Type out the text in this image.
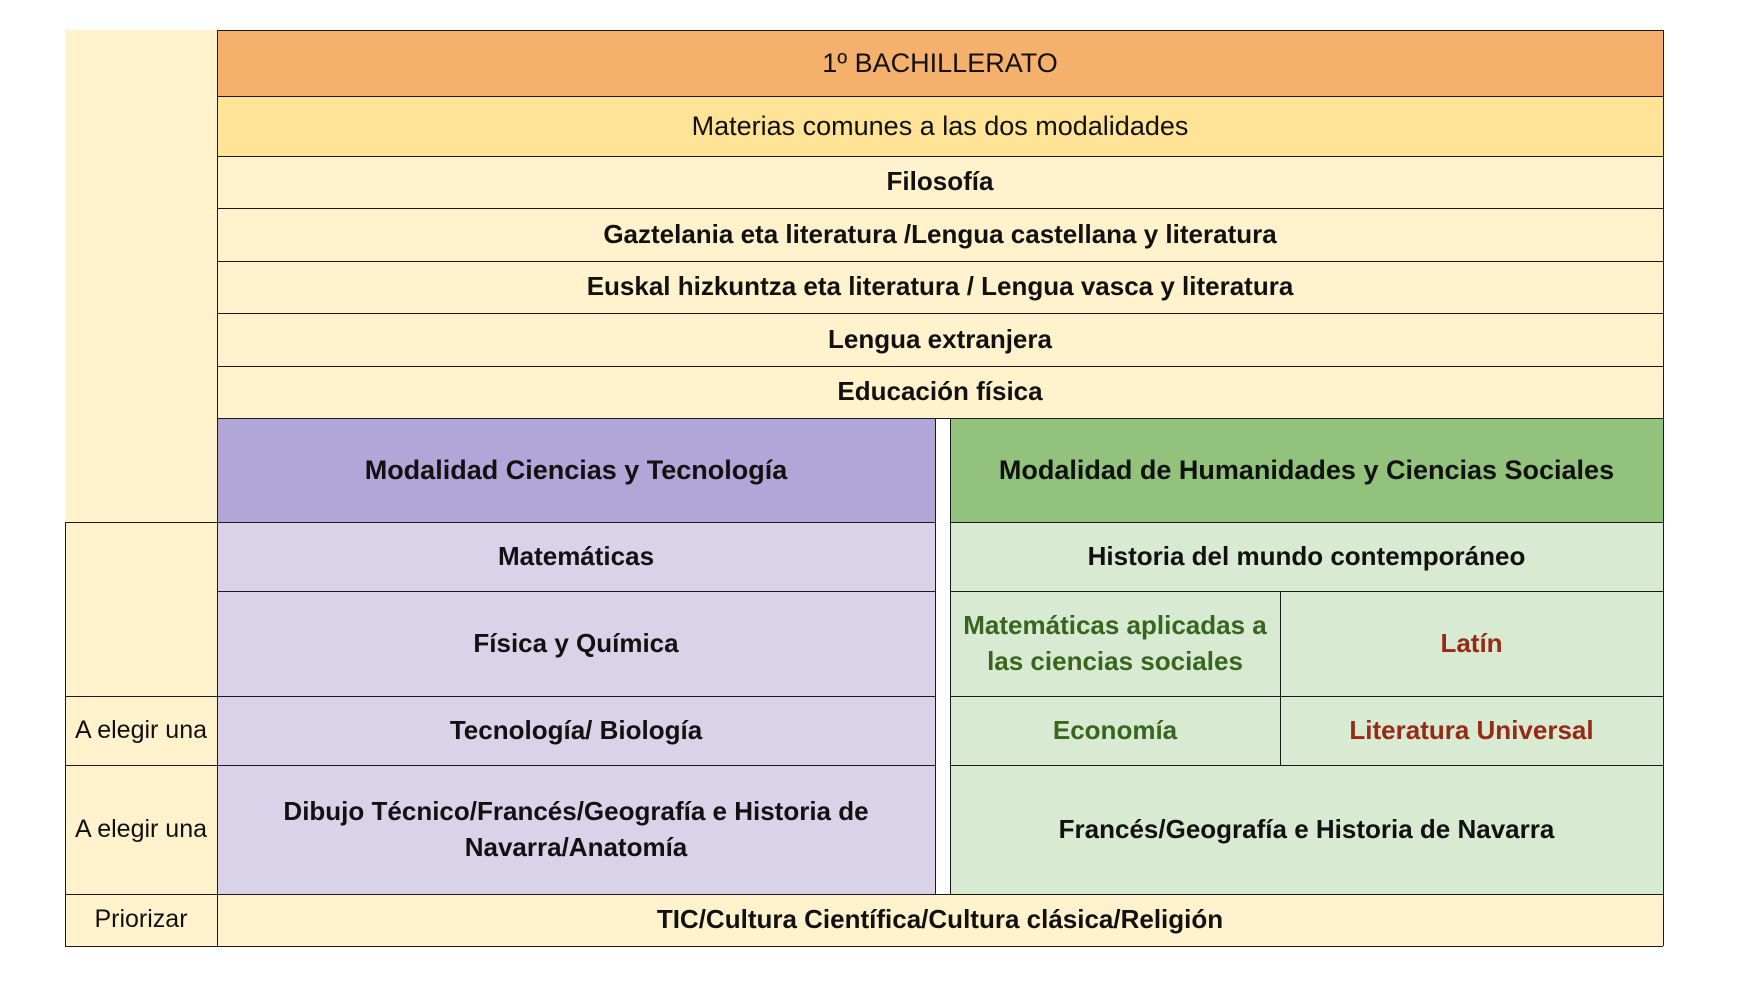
A elegir una
A elegir una
Priorizar
1º BACHILLERATO
Materias comunes a las dos modalidades
Filosofía
Gaztelania eta literatura /Lengua castellana y literatura
Euskal hizkuntza eta literatura / Lengua vasca y literatura
Lengua extranjera
Educación física
Modalidad Ciencias y Tecnología
Matemáticas
Física y Química
Tecnología/ Biología
Dibujo Técnico/Francés/Geografía e Historia de Navarra/Anatomía
Modalidad de Humanidades y Ciencias Sociales
Historia del mundo contemporáneo
Matemáticas aplicadas a las ciencias sociales
Latín
Economía	Literatura Universal
Francés/Geografía e Historia de Navarra
TIC/Cultura Científica/Cultura clásica/Religión
